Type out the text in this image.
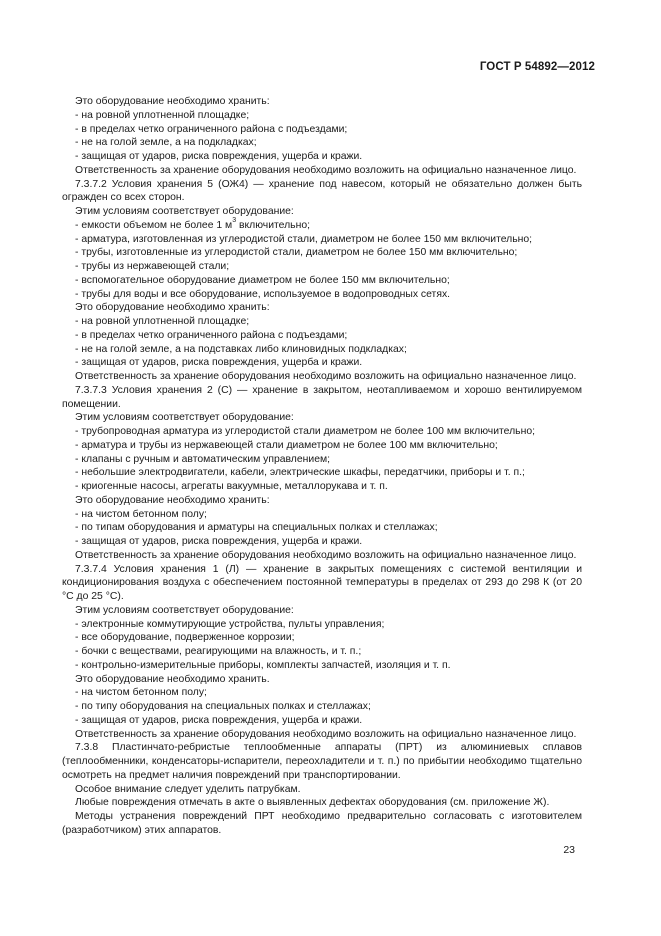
ГОСТ Р 54892—2012

Это оборудование необходимо хранить:

- на ровной уплотненной площадке;

- в пределах четко ограниченного района с подъездами;

- не на голой земле, а на подкладках;

- защищая от ударов, риска повреждения, ущерба и кражи.

Ответственность за хранение оборудования необходимо возложить на официально назначенное лицо.

7.3.7.2 Условия хранения 5 (ОЖ4) — хранение под навесом, который не обязательно должен быть огражден со всех сторон.

Этим условиям соответствует оборудование:

- емкости объемом не более 1 $м^3$ включительно;

- арматура, изготовленная из углеродистой стали, диаметром не более 150 мм включительно;

- трубы, изготовленные из углеродистой стали, диаметром не более 150 мм включительно;

- трубы из нержавеющей стали;

- вспомогательное оборудование диаметром не более 150 мм включительно;

- трубы для воды и все оборудование, используемое в водопроводных сетях.

Это оборудование необходимо хранить:

- на ровной уплотненной площадке;

- в пределах четко ограниченного района с подъездами;

- не на голой земле, а на подставках либо клиновидных подкладках;

- защищая от ударов, риска повреждения, ущерба и кражи.

Ответственность за хранение оборудования необходимо возложить на официально назначенное лицо.

7.3.7.3 Условия хранения 2 (С) — хранение в закрытом, неотапливаемом и хорошо вентилируемом помещении.

Этим условиям соответствует оборудование:

- трубопроводная арматура из углеродистой стали диаметром не более 100 мм включительно;

- арматура и трубы из нержавеющей стали диаметром не более 100 мм включительно;

- клапаны с ручным и автоматическим управлением;

- небольшие электродвигатели, кабели, электрические шкафы, передатчики, приборы и т. п.;

- криогенные насосы, агрегаты вакуумные, металлорукава и т. п.

Это оборудование необходимо хранить:

- на чистом бетонном полу;

- по типам оборудования и арматуры на специальных полках и стеллажах;

- защищая от ударов, риска повреждения, ущерба и кражи.

Ответственность за хранение оборудования необходимо возложить на официально назначенное лицо.

7.3.7.4 Условия хранения 1 (Л) — хранение в закрытых помещениях с системой вентиляции и кондиционирования воздуха с обеспечением постоянной температуры в пределах от 293 до 298 К (от 20 °С до 25 °С).

Этим условиям соответствует оборудование:

- электронные коммутирующие устройства, пульты управления;

- все оборудование, подверженное коррозии;

- бочки с веществами, реагирующими на влажность, и т. п.;

- контрольно-измерительные приборы, комплекты запчастей, изоляция и т. п.

Это оборудование необходимо хранить.

- на чистом бетонном полу;

- по типу оборудования на специальных полках и стеллажах;

- защищая от ударов, риска повреждения, ущерба и кражи.

Ответственность за хранение оборудования необходимо возложить на официально назначенное лицо.

7.3.8 Пластинчато-ребристые теплообменные аппараты (ПРТ) из алюминиевых сплавов (теплообменники, конденсаторы-испарители, переохладители и т. п.) по прибытии необходимо тщательно осмотреть на предмет наличия повреждений при транспортировании.

Особое внимание следует уделить патрубкам.

Любые повреждения отмечать в акте о выявленных дефектах оборудования (см. приложение Ж).

Методы устранения повреждений ПРТ необходимо предварительно согласовать с изготовителем (разработчиком) этих аппаратов.

23
